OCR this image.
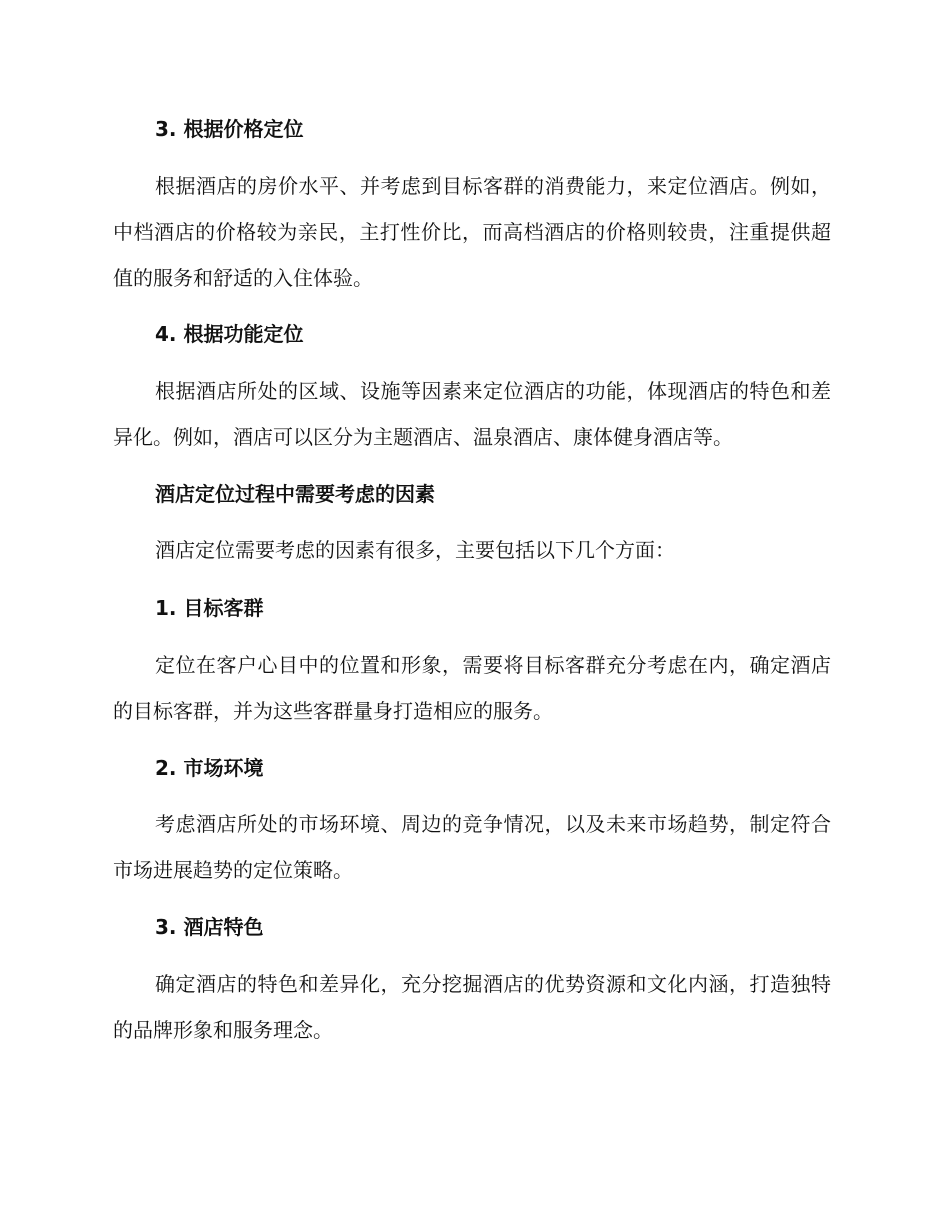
3. 根据价格定位

根据酒店的房价水平、并考虑到目标客群的消费能力，来定位酒店。例如，中档酒店的价格较为亲民，主打性价比，而高档酒店的价格则较贵，注重提供超值的服务和舒适的入住体验。

4. 根据功能定位

根据酒店所处的区域、设施等因素来定位酒店的功能，体现酒店的特色和差异化。例如，酒店可以区分为主题酒店、温泉酒店、康体健身酒店等。

酒店定位过程中需要考虑的因素

酒店定位需要考虑的因素有很多，主要包括以下几个方面：

1. 目标客群

定位在客户心目中的位置和形象，需要将目标客群充分考虑在内，确定酒店的目标客群，并为这些客群量身打造相应的服务。

2. 市场环境

考虑酒店所处的市场环境、周边的竞争情况，以及未来市场趋势，制定符合市场进展趋势的定位策略。

3. 酒店特色

确定酒店的特色和差异化，充分挖掘酒店的优势资源和文化内涵，打造独特的品牌形象和服务理念。
